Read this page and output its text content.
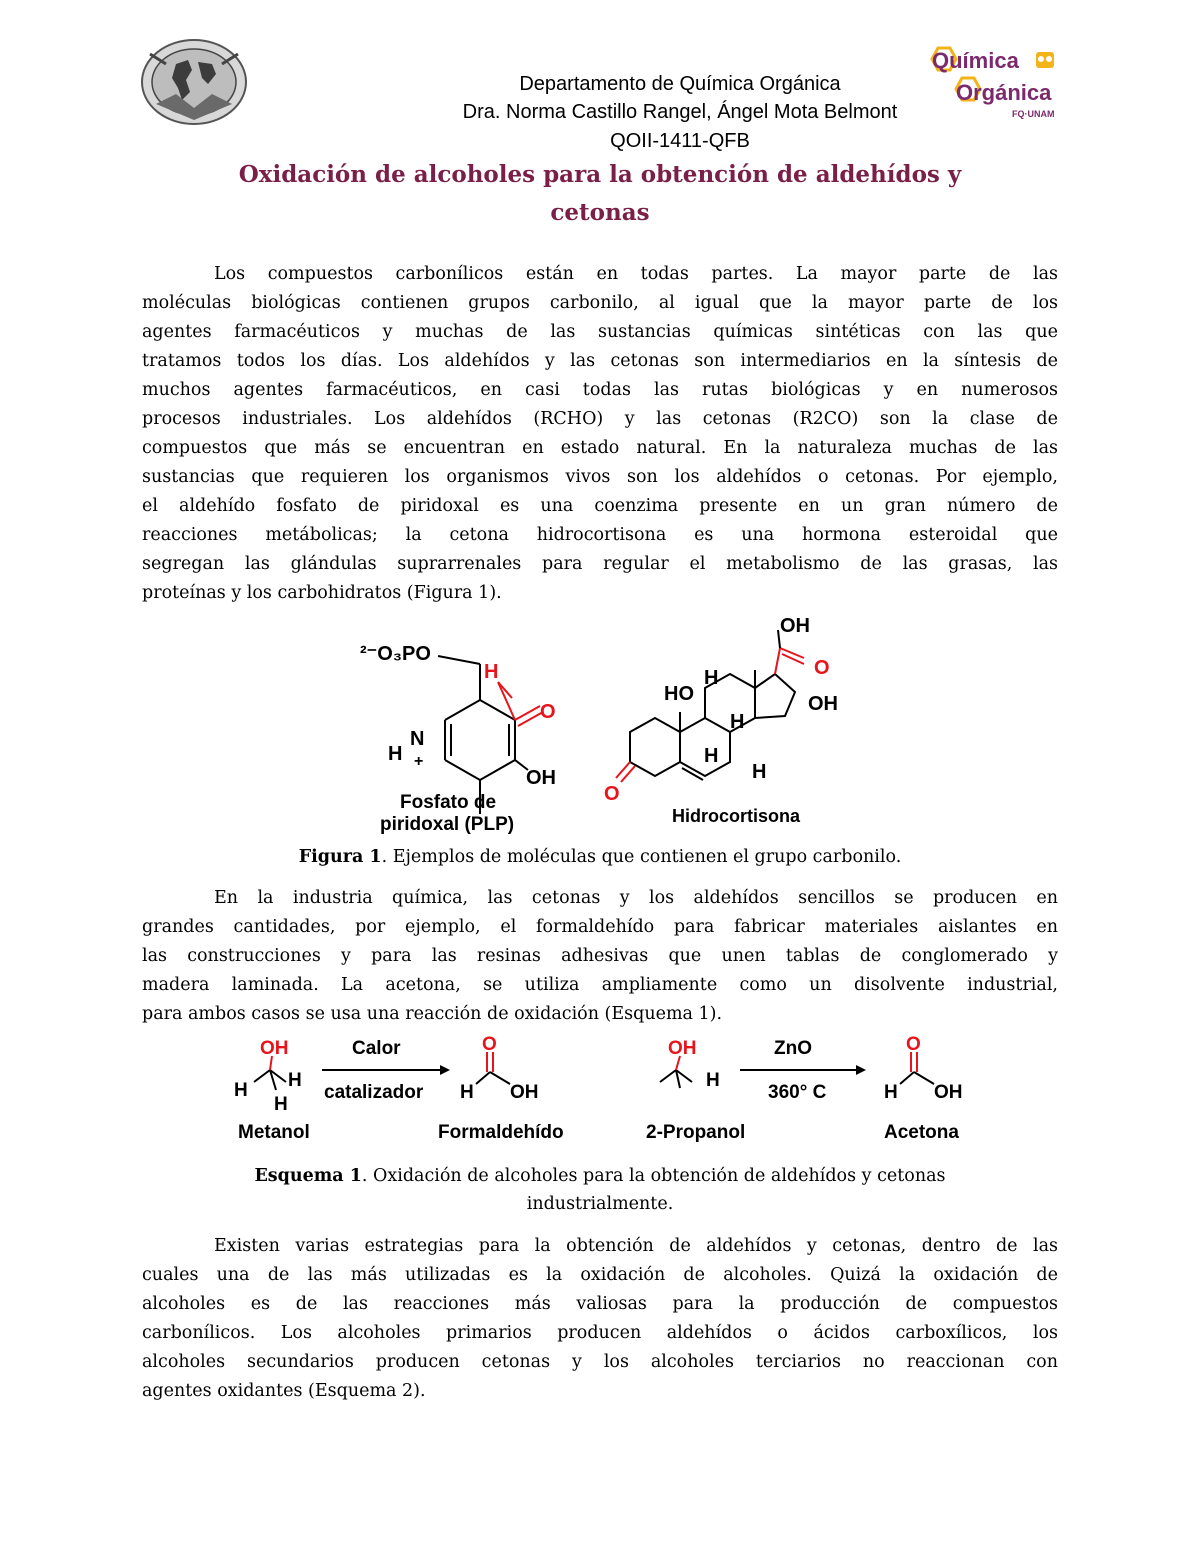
Química
Orgánica
FQ·UNAM
Departamento de Química Orgánica
Dra. Norma Castillo Rangel, Ángel Mota Belmont
QOII-1411-QFB
Oxidación de alcoholes para la obtención de aldehídos y
cetonas
Los compuestos carbonílicos están en todas partes. La mayor parte de las
moléculas biológicas contienen grupos carbonilo, al igual que la mayor parte de los
agentes farmacéuticos y muchas de las sustancias químicas sintéticas con las que
tratamos todos los días. Los aldehídos y las cetonas son intermediarios en la síntesis de
muchos agentes farmacéuticos, en casi todas las rutas biológicas y en numerosos
procesos industriales. Los aldehídos (RCHO) y las cetonas (R2CO) son la clase de
compuestos que más se encuentran en estado natural. En la naturaleza muchas de las
sustancias que requieren los organismos vivos son los aldehídos o cetonas. Por ejemplo,
el aldehído fosfato de piridoxal es una coenzima presente en un gran número de
reacciones metábolicas; la cetona hidrocortisona es una hormona esteroidal que
segregan las glándulas suprarrenales para regular el metabolismo de las grasas, las
proteínas y los carbohidratos (Figura 1).
²⁻O₃PO
H
O
N
H +
OH
Fosfato de
piridoxal (PLP)
OH
O
OH
HO
H
H
H
H
O
Hidrocortisona
Figura 1. Ejemplos de moléculas que contienen el grupo carbonilo.
En la industria química, las cetonas y los aldehídos sencillos se producen en
grandes cantidades, por ejemplo, el formaldehído para fabricar materiales aislantes en
las construcciones y para las resinas adhesivas que unen tablas de conglomerado y
madera laminada. La acetona, se utiliza ampliamente como un disolvente industrial,
para ambos casos se usa una reacción de oxidación (Esquema 1).
OH
H H
H
Metanol
Calor
catalizador
O
H OH
Formaldehído
OH
H
2-Propanol
ZnO
360° C
O
H OH
Acetona
Esquema 1. Oxidación de alcoholes para la obtención de aldehídos y cetonas
industrialmente.
Existen varias estrategias para la obtención de aldehídos y cetonas, dentro de las
cuales una de las más utilizadas es la oxidación de alcoholes. Quizá la oxidación de
alcoholes es de las reacciones más valiosas para la producción de compuestos
carbonílicos. Los alcoholes primarios producen aldehídos o ácidos carboxílicos, los
alcoholes secundarios producen cetonas y los alcoholes terciarios no reaccionan con
agentes oxidantes (Esquema 2).
